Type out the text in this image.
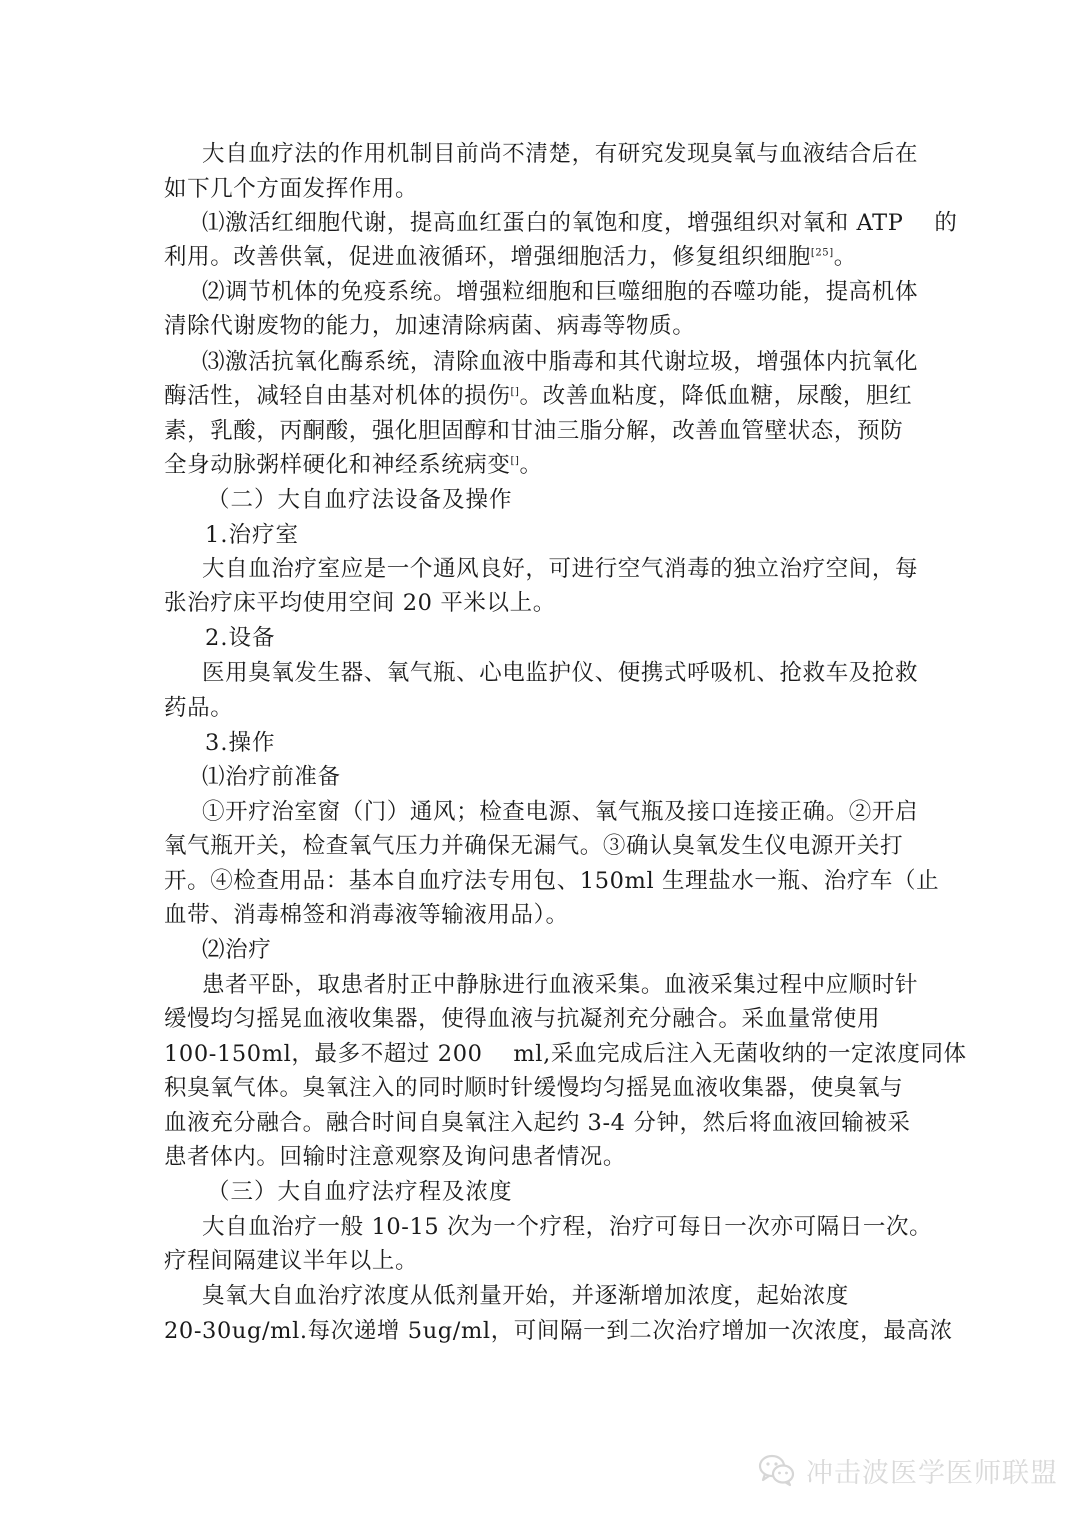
大自血疗法的作用机制目前尚不清楚，有研究发现臭氧与血液结合后在
如下几个方面发挥作用。
⑴激活红细胞代谢，提高血红蛋白的氧饱和度，增强组织对氧和 ATP　 的
利用。改善供氧，促进血液循环，增强细胞活力，修复组织细胞[25]。
⑵调节机体的免疫系统。增强粒细胞和巨噬细胞的吞噬功能，提高机体
清除代谢废物的能力，加速清除病菌、病毒等物质。
⑶激活抗氧化酶系统，清除血液中脂毒和其代谢垃圾，增强体内抗氧化
酶活性，减轻自由基对机体的损伤[]。改善血粘度，降低血糖，尿酸，胆红
素，乳酸，丙酮酸，强化胆固醇和甘油三脂分解，改善血管壁状态，预防
全身动脉粥样硬化和神经系统病变[]。
（二）大自血疗法设备及操作
1.治疗室
大自血治疗室应是一个通风良好，可进行空气消毒的独立治疗空间，每
张治疗床平均使用空间 20 平米以上。
2.设备
医用臭氧发生器、氧气瓶、心电监护仪、便携式呼吸机、抢救车及抢救
药品。
3.操作
⑴治疗前准备
①开疗治室窗（门）通风；检查电源、氧气瓶及接口连接正确。②开启
氧气瓶开关，检查氧气压力并确保无漏气。③确认臭氧发生仪电源开关打
开。④检查用品：基本自血疗法专用包、150ml 生理盐水一瓶、治疗车（止
血带、消毒棉签和消毒液等输液用品）。
⑵治疗
患者平卧，取患者肘正中静脉进行血液采集。血液采集过程中应顺时针
缓慢均匀摇晃血液收集器，使得血液与抗凝剂充分融合。采血量常使用
100-150ml，最多不超过 200　 ml,采血完成后注入无菌收纳的一定浓度同体
积臭氧气体。臭氧注入的同时顺时针缓慢均匀摇晃血液收集器，使臭氧与
血液充分融合。融合时间自臭氧注入起约 3-4 分钟，然后将血液回输被采
患者体内。回输时注意观察及询问患者情况。
（三）大自血疗法疗程及浓度
大自血治疗一般 10-15 次为一个疗程，治疗可每日一次亦可隔日一次。
疗程间隔建议半年以上。
臭氧大自血治疗浓度从低剂量开始，并逐渐增加浓度，起始浓度
20-30ug/ml.每次递增 5ug/ml，可间隔一到二次治疗增加一次浓度，最高浓
冲击波医学医师联盟
